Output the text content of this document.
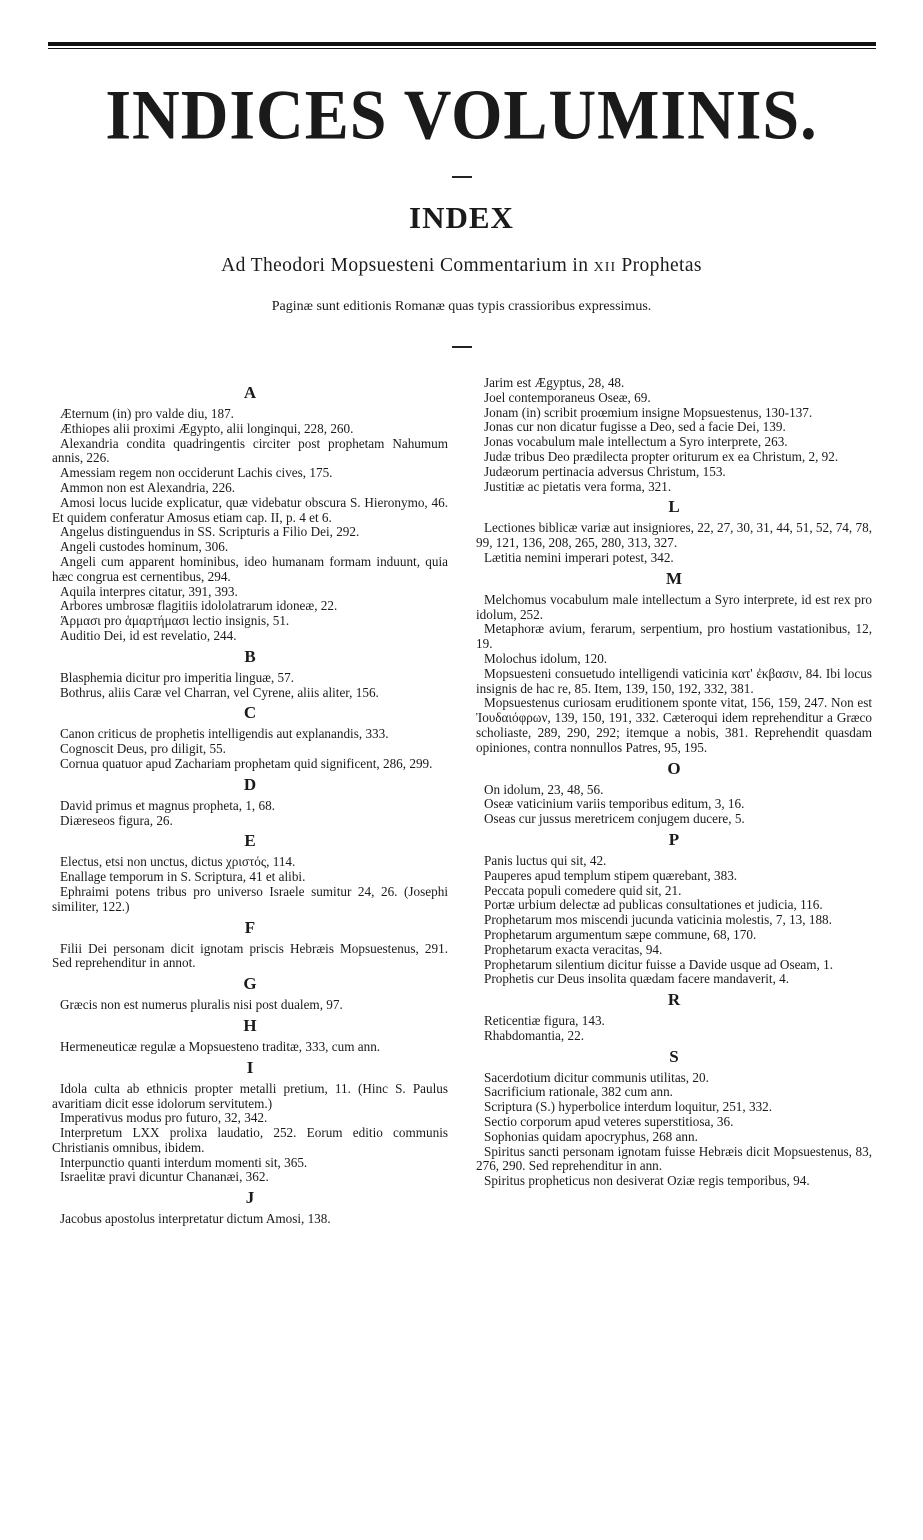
INDICES VOLUMINIS.
INDEX
Ad Theodori Mopsuesteni Commentarium in XII Prophetas
Paginæ sunt editionis Romanæ quas typis crassioribus expressimus.
A

Æternum (in) pro valde diu, 187.

Æthiopes alii proximi Ægypto, alii longinqui, 228, 260.

Alexandria condita quadringentis circiter post prophetam Nahumum annis, 226.

Amessiam regem non occiderunt Lachis cives, 175.

Ammon non est Alexandria, 226.

Amosi locus lucide explicatur, quæ videbatur obscura S. Hieronymo, 46. Et quidem conferatur Amosus etiam cap. II, p. 4 et 6.

Angelus distinguendus in SS. Scripturis a Filio Dei, 292.

Angeli custodes hominum, 306.

Angeli cum apparent hominibus, ideo humanam formam induunt, quia hæc congrua est cernentibus, 294.

Aquila interpres citatur, 391, 393.

Arbores umbrosæ flagitiis idololatrarum idoneæ, 22.

Ἁρμασι pro ἁμαρτήμασι lectio insignis, 51.

Auditio Dei, id est revelatio, 244.

B

Blasphemia dicitur pro imperitia linguæ, 57.

Bothrus, aliis Caræ vel Charran, vel Cyrene, aliis aliter, 156.

C

Canon criticus de prophetis intelligendis aut explanandis, 333.

Cognoscit Deus, pro diligit, 55.

Cornua quatuor apud Zachariam prophetam quid significent, 286, 299.

D

David primus et magnus propheta, 1, 68.

Diæreseos figura, 26.

E

Electus, etsi non unctus, dictus χριστός, 114.

Enallage temporum in S. Scriptura, 41 et alibi.

Ephraimi potens tribus pro universo Israele sumitur 24, 26. (Josephi similiter, 122.)

F

Filii Dei personam dicit ignotam priscis Hebræis Mopsuestenus, 291. Sed reprehenditur in annot.

G

Græcis non est numerus pluralis nisi post dualem, 97.

H

Hermeneuticæ regulæ a Mopsuesteno traditæ, 333, cum ann.

I

Idola culta ab ethnicis propter metalli pretium, 11. (Hinc S. Paulus avaritiam dicit esse idolorum servitutem.)

Imperativus modus pro futuro, 32, 342.

Interpretum LXX prolixa laudatio, 252. Eorum editio communis Christianis omnibus, ibidem.

Interpunctio quanti interdum momenti sit, 365.

Israelitæ pravi dicuntur Chananæi, 362.

J

Jacobus apostolus interpretatur dictum Amosi, 138.

Jarim est Ægyptus, 28, 48.

Joel contemporaneus Oseæ, 69.

Jonam (in) scribit proœmium insigne Mopsuestenus, 130-137.

Jonas cur non dicatur fugisse a Deo, sed a facie Dei, 139.

Jonas vocabulum male intellectum a Syro interprete, 263.

Judæ tribus Deo prædilecta propter oriturum ex ea Christum, 2, 92.

Judæorum pertinacia adversus Christum, 153.

Justitiæ ac pietatis vera forma, 321.

L

Lectiones biblicæ variæ aut insigniores, 22, 27, 30, 31, 44, 51, 52, 74, 78, 99, 121, 136, 208, 265, 280, 313, 327.

Lætitia nemini imperari potest, 342.

M

Melchomus vocabulum male intellectum a Syro interprete, id est rex pro idolum, 252.

Metaphoræ avium, ferarum, serpentium, pro hostium vastationibus, 12, 19.

Molochus idolum, 120.

Mopsuesteni consuetudo intelligendi vaticinia κατ' ἐκβασιν, 84. Ibi locus insignis de hac re, 85. Item, 139, 150, 192, 332, 381.

Mopsuestenus curiosam eruditionem sponte vitat, 156, 159, 247. Non est Ἰουδαιόφρων, 139, 150, 191, 332. Cæteroqui idem reprehenditur a Græco scholiaste, 289, 290, 292; itemque a nobis, 381. Reprehendit quasdam opiniones, contra nonnullos Patres, 95, 195.

O

On idolum, 23, 48, 56.

Oseæ vaticinium variis temporibus editum, 3, 16.

Oseas cur jussus meretricem conjugem ducere, 5.

P

Panis luctus qui sit, 42.

Pauperes apud templum stipem quærebant, 383.

Peccata populi comedere quid sit, 21.

Portæ urbium delectæ ad publicas consultationes et judicia, 116.

Prophetarum mos miscendi jucunda vaticinia molestis, 7, 13, 188.

Prophetarum argumentum sæpe commune, 68, 170.

Prophetarum exacta veracitas, 94.

Prophetarum silentium dicitur fuisse a Davide usque ad Oseam, 1.

Prophetis cur Deus insolita quædam facere mandaverit, 4.

R

Reticentiæ figura, 143.

Rhabdomantia, 22.

S

Sacerdotium dicitur communis utilitas, 20.

Sacrificium rationale, 382 cum ann.

Scriptura (S.) hyperbolice interdum loquitur, 251, 332.

Sectio corporum apud veteres superstitiosa, 36.

Sophonias quidam apocryphus, 268 ann.

Spiritus sancti personam ignotam fuisse Hebræis dicit Mopsuestenus, 83, 276, 290. Sed reprehenditur in ann.

Spiritus propheticus non desiverat Oziæ regis temporibus, 94.
